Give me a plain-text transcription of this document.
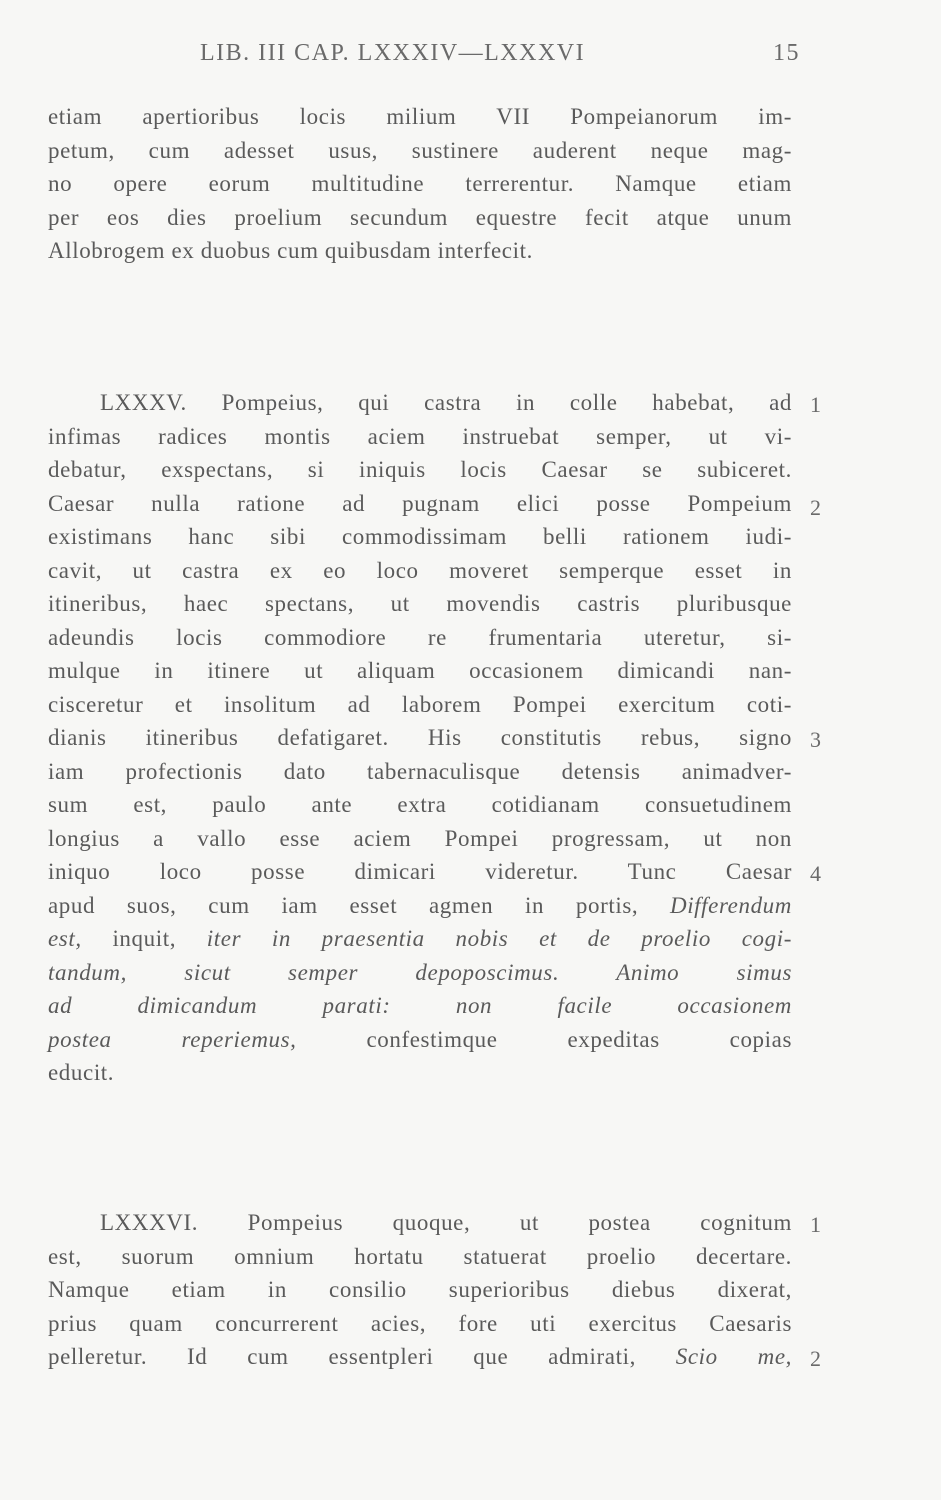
LIB. III CAP. LXXXIV—LXXXVI	15
etiam apertioribus locis milium VII Pompeianorum im-
petum, cum adesset usus, sustinere auderent neque mag-
no opere eorum multitudine terrerentur. Namque etiam
per eos dies proelium secundum equestre fecit atque unum
Allobrogem ex duobus cum quibusdam interfecit.
LXXXV. Pompeius, qui castra in colle habebat, ad
infimas radices montis aciem instruebat semper, ut vi-
debatur, exspectans, si iniquis locis Caesar se subiceret.
Caesar nulla ratione ad pugnam elici posse Pompeium
existimans hanc sibi commodissimam belli rationem iudi-
cavit, ut castra ex eo loco moveret semperque esset in
itineribus, haec spectans, ut movendis castris pluribusque
adeundis locis commodiore re frumentaria uteretur, si-
mulque in itinere ut aliquam occasionem dimicandi nan-
cisceretur et insolitum ad laborem Pompei exercitum coti-
dianis itineribus defatigaret. His constitutis rebus, signo
iam profectionis dato tabernaculisque detensis animadver-
sum est, paulo ante extra cotidianam consuetudinem
longius a vallo esse aciem Pompei progressam, ut non
iniquo loco posse dimicari videretur. Tunc Caesar
apud suos, cum iam esset agmen in portis, Differendum
est, inquit, iter in praesentia nobis et de proelio cogi-
tandum, sicut semper depoposcimus. Animo simus
ad dimicandum parati: non facile occasionem
postea reperiemus,	confestimque expeditas copias
educit.
1
2
3
4
LXXXVI. Pompeius quoque, ut postea cognitum
est, suorum omnium hortatu statuerat proelio decertare.
Namque etiam in consilio superioribus diebus dixerat,
prius quam concurrerent acies, fore uti exercitus Caesaris
pelleretur. Id cum essentpleri que admirati, Scio me,
1
2
